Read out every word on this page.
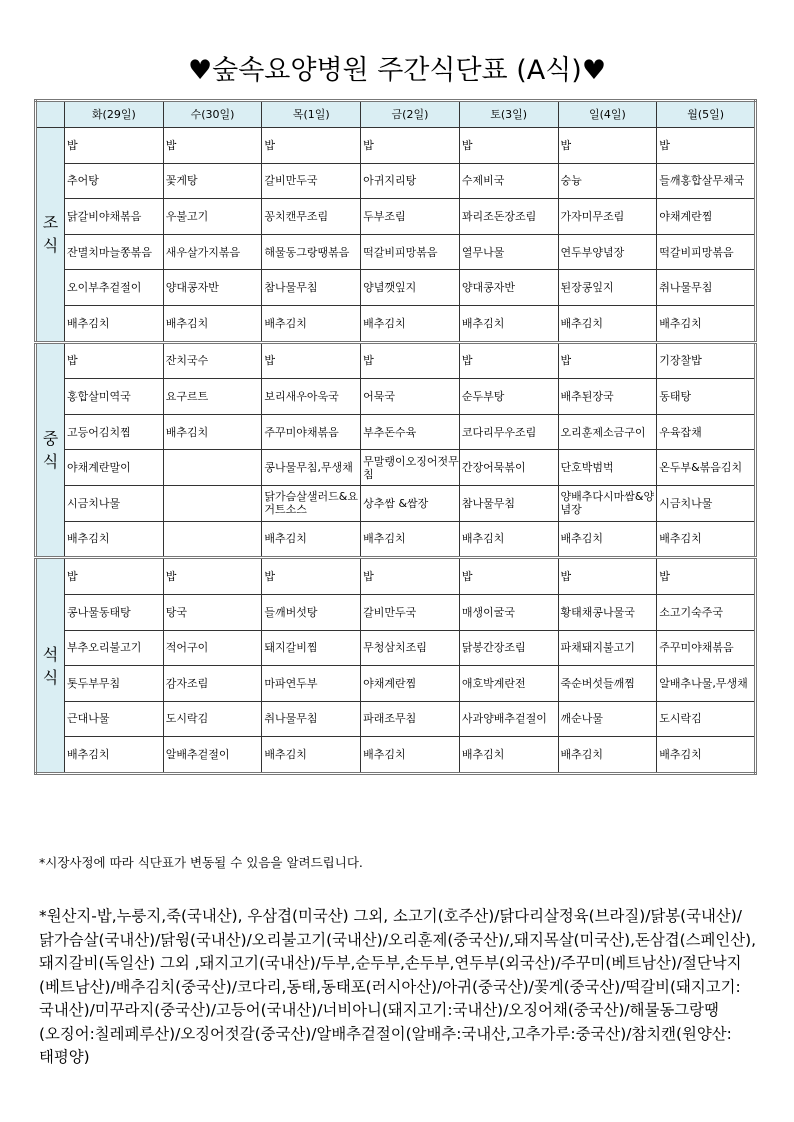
♥숲속요양병원 주간식단표 (A식)♥
	화(29일)	수(30일)	목(1일)	금(2일)	토(3일)	일(4일)	월(5일)

조
식	밥	밥	밥	밥	밥	밥	밥
	추어탕	꽃게탕	갈비만두국	아귀지리탕	수제비국	숭늉	들깨홍합살무채국
	닭갈비야채볶음	우불고기	꽁치캔무조림	두부조림	꽈리조돈장조림	가자미무조림	야채계란찜
	잔멸치마늘쫑볶음	새우살가지볶음	해물동그랑땡볶음	떡갈비피망볶음	열무나물	연두부양념장	떡갈비피망볶음
	오이부추겉절이	양대콩자반	참나물무침	양념깻잎지	양대콩자반	된장콩잎지	취나물무침
	배추김치	배추김치	배추김치	배추김치	배추김치	배추김치	배추김치

중
식	밥	잔치국수	밥	밥	밥	밥	기장찰밥
	홍합살미역국	요구르트	보리새우아욱국	어묵국	순두부탕	배추된장국	동태탕
	고등어김치찜	배추김치	주꾸미야채볶음	부추돈수육	코다리무우조림	오리훈제소금구이	우육잡채
	야채계란말이		콩나물무침,무생채	무말랭이오징어젓무침	간장어묵볶이	단호박범벅	온두부&볶음김치
	시금치나물		닭가슴살샐러드&요거트소스	상추쌈 &쌈장	참나물무침	양배추다시마쌈&양념장	시금치나물
	배추김치		배추김치	배추김치	배추김치	배추김치	배추김치

석
식	밥	밥	밥	밥	밥	밥	밥
	콩나물동태탕	탕국	들깨버섯탕	갈비만두국	매생이굴국	황태채콩나물국	소고기숙주국
	부추오리불고기	적어구이	돼지갈비찜	무청삼치조림	닭봉간장조림	파채돼지불고기	주꾸미야채볶음
	톳두부무침	감자조림	마파연두부	야채계란찜	애호박계란전	죽순버섯들깨찜	알배추나물,무생채
	근대나물	도시락김	취나물무침	파래조무침	사과양배추겉절이	깨순나물	도시락김
	배추김치	알배추겉절이	배추김치	배추김치	배추김치	배추김치	배추김치
*시장사정에 따라 식단표가 변동될 수 있음을 알려드립니다.
*원산지-밥,누룽지,죽(국내산), 우삼겹(미국산) 그외, 소고기(호주산)/닭다리살정육(브라질)/닭봉(국내산)/닭가슴살(국내산)/닭윙(국내산)/오리불고기(국내산)/오리훈제(중국산)/,돼지목살(미국산),돈삼겹(스페인산),돼지갈비(독일산) 그외 ,돼지고기(국내산)/두부,순두부,손두부,연두부(외국산)/주꾸미(베트남산)/절단낙지(베트남산)/배추김치(중국산)/코다리,동태,동태포(러시아산)/아귀(중국산)/꽃게(중국산)/떡갈비(돼지고기:국내산)/미꾸라지(중국산)/고등어(국내산)/너비아니(돼지고기:국내산)/오징어채(중국산)/해물동그랑땡(오징어:칠레페루산)/오징어젓갈(중국산)/알배추겉절이(알배추:국내산,고추가루:중국산)/참치캔(원양산:태평양)
